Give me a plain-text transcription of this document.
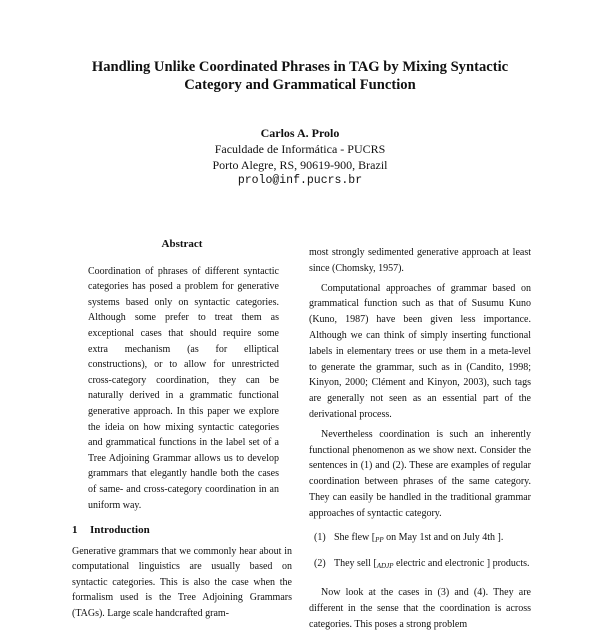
Handling Unlike Coordinated Phrases in TAG by Mixing Syntactic
Category and Grammatical Function
Carlos A. Prolo
Faculdade de Informática - PUCRS
Porto Alegre, RS, 90619-900, Brazil
prolo@inf.pucrs.br
Abstract

Coordination of phrases of different syntactic categories has posed a problem for generative systems based only on syntactic categories. Although some prefer to treat them as exceptional cases that should require some extra mechanism (as for elliptical constructions), or to allow for unrestricted cross-category coordination, they can be naturally derived in a grammatic functional generative approach. In this paper we explore the ideia on how mixing syntactic categories and grammatical functions in the label set of a Tree Adjoining Grammar allows us to develop grammars that elegantly handle both the cases of same- and cross-category coordination in an uniform way.

1 Introduction

Generative grammars that we commonly hear about in computational linguistics are usually based on syntactic categories. This is also the case when the formalism used is the Tree Adjoining Grammars (TAGs). Large scale handcrafted gram-

most strongly sedimented generative approach at least since (Chomsky, 1957).

Computational approaches of grammar based on grammatical function such as that of Susumu Kuno (Kuno, 1987) have been given less importance. Although we can think of simply inserting functional labels in elementary trees or use them in a meta-level to generate the grammar, such as in (Candito, 1998; Kinyon, 2000; Clément and Kinyon, 2003), such tags are generally not seen as an essential part of the derivational process.

Nevertheless coordination is such an inherently functional phenomenon as we show next. Consider the sentences in (1) and (2). These are examples of regular coordination between phrases of the same category. They can easily be handled in the traditional grammar approaches of syntactic category.

(1) She flew [$_{PP}$ on May 1st and on July 4th ].
(2) They sell [$_{ADJP}$ electric and electronic ] products.

Now look at the cases in (3) and (4). They are different in the sense that the coordination is across categories. This poses a strong problem
